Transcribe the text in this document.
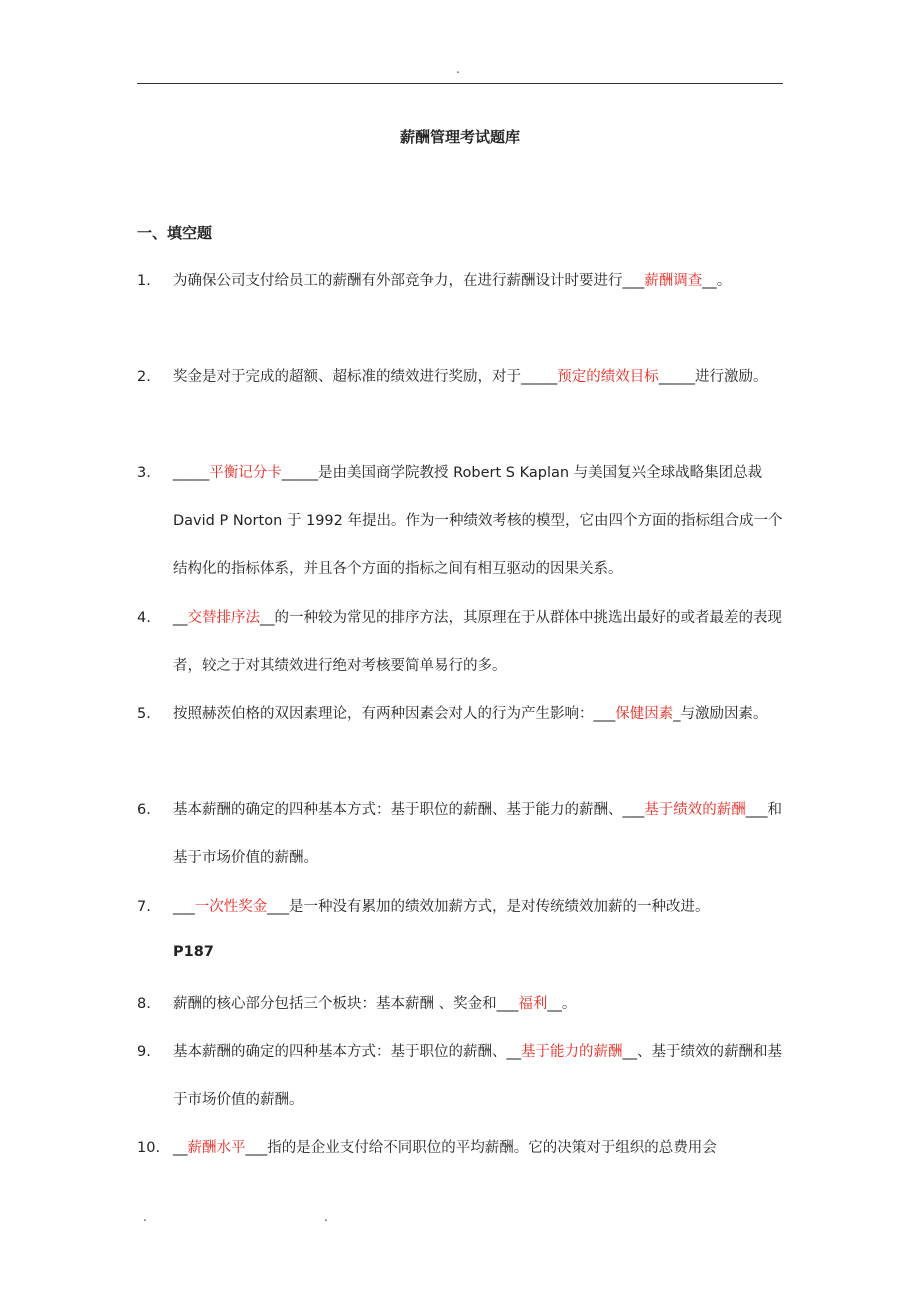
.
薪酬管理考试题库
一、填空题
1. 为确保公司支付给员工的薪酬有外部竞争力，在进行薪酬设计时要进行___薪酬调查__。
2. 奖金是对于完成的超额、超标准的绩效进行奖励，对于_____预定的绩效目标_____进行激励。
3. _____平衡记分卡_____是由美国商学院教授 Robert S Kaplan 与美国复兴全球战略集团总裁 David P Norton 于 1992 年提出。作为一种绩效考核的模型，它由四个方面的指标组合成一个结构化的指标体系，并且各个方面的指标之间有相互驱动的因果关系。
4. __交替排序法__的一种较为常见的排序方法，其原理在于从群体中挑选出最好的或者最差的表现者，较之于对其绩效进行绝对考核要简单易行的多。
5. 按照赫茨伯格的双因素理论，有两种因素会对人的行为产生影响：___保健因素_与激励因素。
6. 基本薪酬的确定的四种基本方式：基于职位的薪酬、基于能力的薪酬、___基于绩效的薪酬___和基于市场价值的薪酬。
7. ___一次性奖金___是一种没有累加的绩效加薪方式，是对传统绩效加薪的一种改进。
P187
8. 薪酬的核心部分包括三个板块：基本薪酬 、奖金和___福利__。
9. 基本薪酬的确定的四种基本方式：基于职位的薪酬、__基于能力的薪酬__、基于绩效的薪酬和基于市场价值的薪酬。
10. __薪酬水平___指的是企业支付给不同职位的平均薪酬。它的决策对于组织的总费用会
.	.
